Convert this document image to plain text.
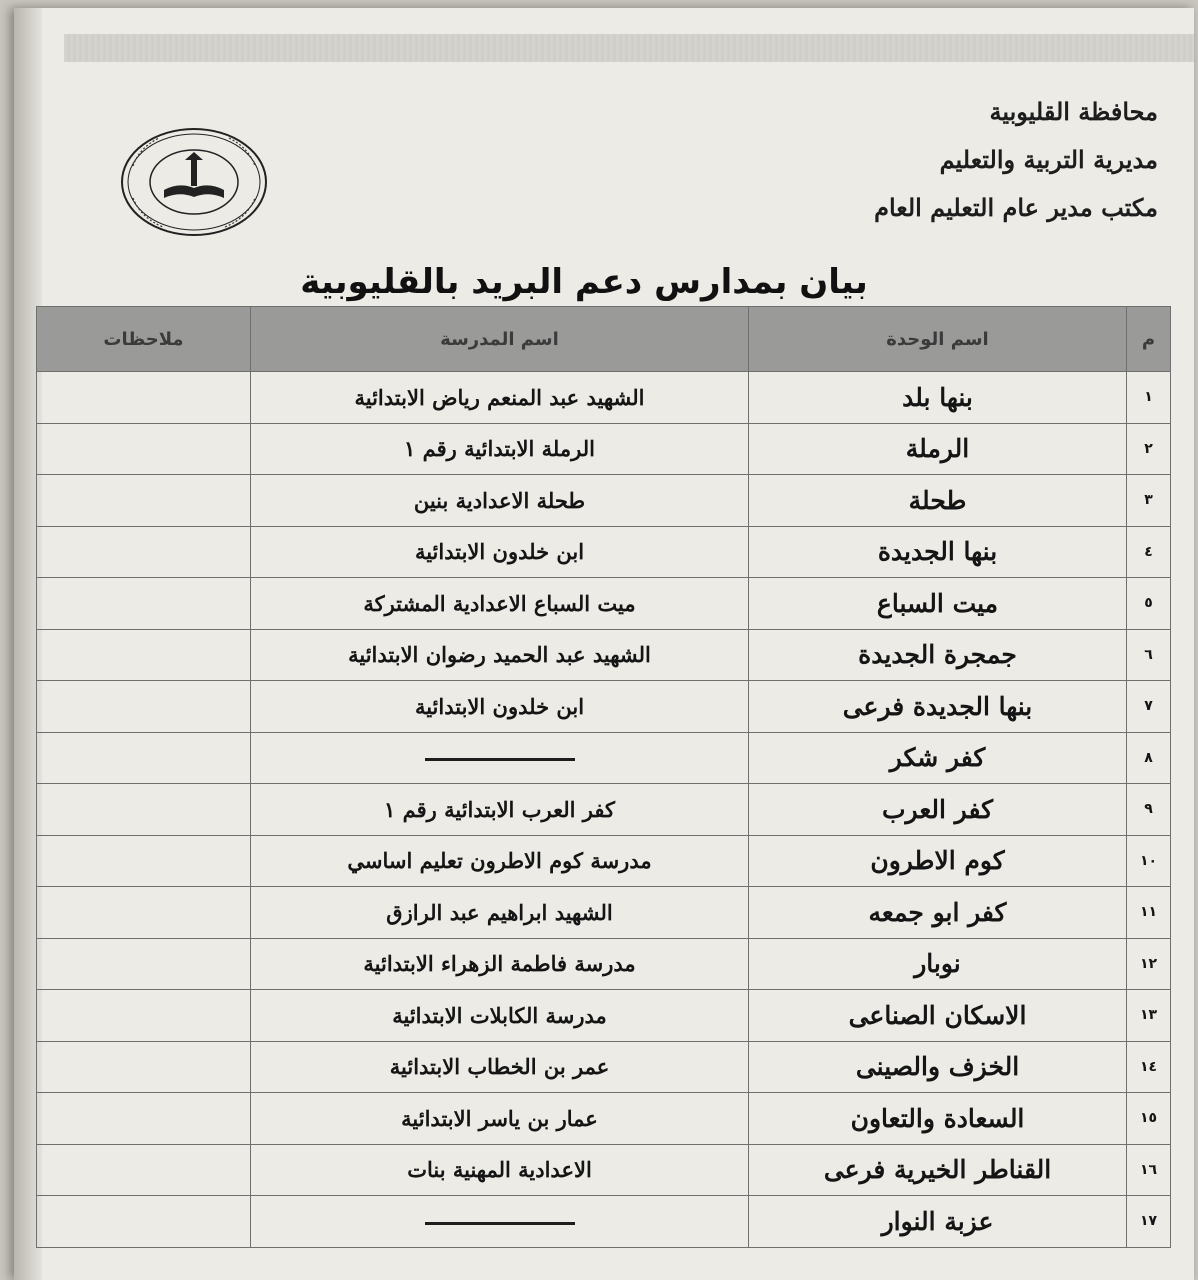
محافظة القليوبية
مديرية التربية والتعليم
مكتب مدير عام التعليم العام
بيان بمدارس دعم البريد بالقليوبية
م	اسم الوحدة	اسم المدرسة	ملاحظات
١	بنها بلد	الشهيد عبد المنعم رياض الابتدائية	
٢	الرملة	الرملة الابتدائية رقم ١	
٣	طحلة	طحلة الاعدادية بنين	
٤	بنها الجديدة	ابن خلدون الابتدائية	
٥	ميت السباع	ميت السباع الاعدادية المشتركة	
٦	جمجرة الجديدة	الشهيد عبد الحميد رضوان الابتدائية	
٧	بنها الجديدة فرعى	ابن خلدون الابتدائية	
٨	كفر شكر		
٩	كفر العرب	كفر العرب الابتدائية رقم ١	
١٠	كوم الاطرون	مدرسة كوم الاطرون تعليم اساسي	
١١	كفر ابو جمعه	الشهيد ابراهيم عبد الرازق	
١٢	نوبار	مدرسة فاطمة الزهراء الابتدائية	
١٣	الاسكان الصناعى	مدرسة الكابلات الابتدائية	
١٤	الخزف والصينى	عمر بن الخطاب الابتدائية	
١٥	السعادة والتعاون	عمار بن ياسر الابتدائية	
١٦	القناطر الخيرية فرعى	الاعدادية المهنية بنات	
١٧	عزبة النوار		
